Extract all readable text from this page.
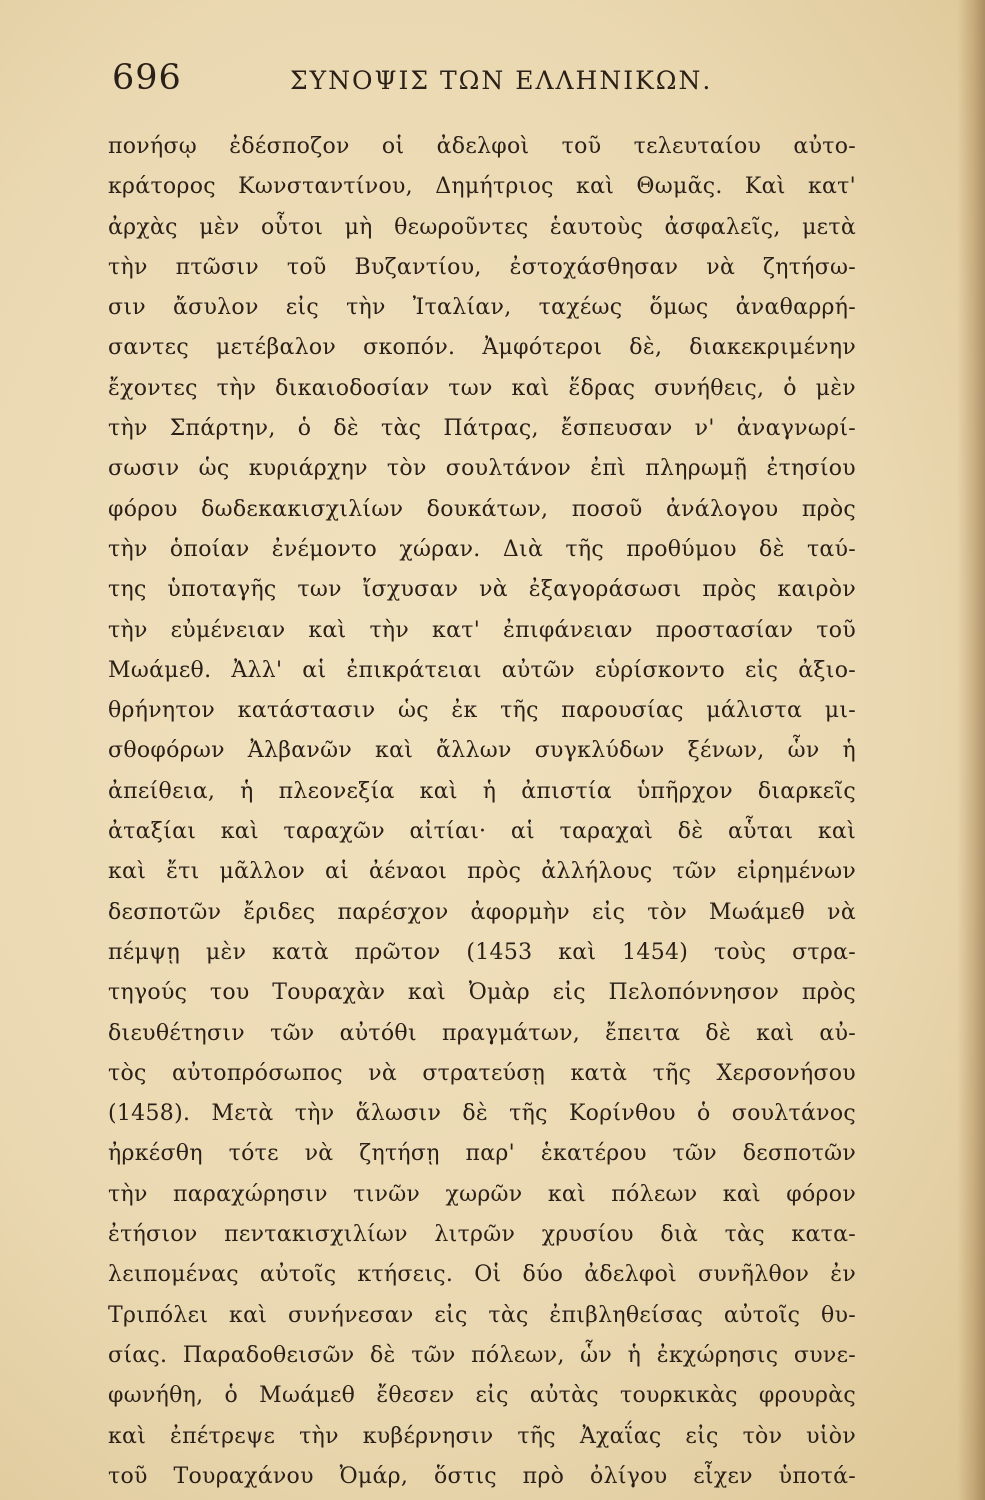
696	ΣΥΝΟΨΙΣ ΤΩΝ ΕΛΛΗΝΙΚΩΝ.
πονήσῳ ἐδέσποζον οἱ ἀδελφοὶ τοῦ τελευταίου αὐτο-
κράτορος Κωνσταντίνου, Δημήτριος καὶ Θωμᾶς. Καὶ κατ'
ἀρχὰς μὲν οὗτοι μὴ θεωροῦντες ἑαυτοὺς ἀσφαλεῖς, μετὰ
τὴν πτῶσιν τοῦ Βυζαντίου, ἐστοχάσθησαν νὰ ζητήσω-
σιν ἄσυλον εἰς τὴν Ἰταλίαν, ταχέως ὅμως ἀναθαρρή-
σαντες μετέβαλον σκοπόν. Ἀμφότεροι δὲ, διακεκριμένην
ἔχοντες τὴν δικαιοδοσίαν των καὶ ἕδρας συνήθεις, ὁ μὲν
τὴν Σπάρτην, ὁ δὲ τὰς Πάτρας, ἔσπευσαν ν' ἀναγνωρί-
σωσιν ὡς κυριάρχην τὸν σουλτάνον ἐπὶ πληρωμῇ ἐτησίου
φόρου δωδεκακισχιλίων δουκάτων, ποσοῦ ἀνάλογου πρὸς
τὴν ὁποίαν ἐνέμοντο χώραν. Διὰ τῆς προθύμου δὲ ταύ-
της ὑποταγῆς των ἴσχυσαν νὰ ἐξαγοράσωσι πρὸς καιρὸν
τὴν εὐμένειαν καὶ τὴν κατ' ἐπιφάνειαν προστασίαν τοῦ
Μωάμεθ. Ἀλλ' αἱ ἐπικράτειαι αὐτῶν εὑρίσκοντο εἰς ἀξιο-
θρήνητον κατάστασιν ὡς ἐκ τῆς παρουσίας μάλιστα μι-
σθοφόρων Ἀλβανῶν καὶ ἄλλων συγκλύδων ξένων, ὧν ἡ
ἀπείθεια, ἡ πλεονεξία καὶ ἡ ἀπιστία ὑπῆρχον διαρκεῖς
ἀταξίαι καὶ ταραχῶν αἰτίαι· αἱ ταραχαὶ δὲ αὗται καὶ
καὶ ἔτι μᾶλλον αἱ ἀέναοι πρὸς ἀλλήλους τῶν εἰρημένων
δεσποτῶν ἔριδες παρέσχον ἀφορμὴν εἰς τὸν Μωάμεθ νὰ
πέμψῃ μὲν κατὰ πρῶτον (1453 καὶ 1454) τοὺς στρα-
τηγούς του Τουραχὰν καὶ Ὀμὰρ εἰς Πελοπόννησον πρὸς
διευθέτησιν τῶν αὐτόθι πραγμάτων, ἔπειτα δὲ καὶ αὐ-
τὸς αὐτοπρόσωπος νὰ στρατεύσῃ κατὰ τῆς Χερσονήσου
(1458). Μετὰ τὴν ἅλωσιν δὲ τῆς Κορίνθου ὁ σουλτάνος
ἠρκέσθη τότε νὰ ζητήσῃ παρ' ἑκατέρου τῶν δεσποτῶν
τὴν παραχώρησιν τινῶν χωρῶν καὶ πόλεων καὶ φόρον
ἐτήσιον πεντακισχιλίων λιτρῶν χρυσίου διὰ τὰς κατα-
λειπομένας αὐτοῖς κτήσεις. Οἱ δύο ἀδελφοὶ συνῆλθον ἐν
Τριπόλει καὶ συνήνεσαν εἰς τὰς ἐπιβληθείσας αὐτοῖς θυ-
σίας. Παραδοθεισῶν δὲ τῶν πόλεων, ὧν ἡ ἐκχώρησις συνε-
φωνήθη, ὁ Μωάμεθ ἔθεσεν εἰς αὐτὰς τουρκικὰς φρουρὰς
καὶ ἐπέτρεψε τὴν κυβέρνησιν τῆς Ἀχαΐας εἰς τὸν υἱὸν
τοῦ Τουραχάνου Ὀμάρ, ὅστις πρὸ ὀλίγου εἶχεν ὑποτά-
